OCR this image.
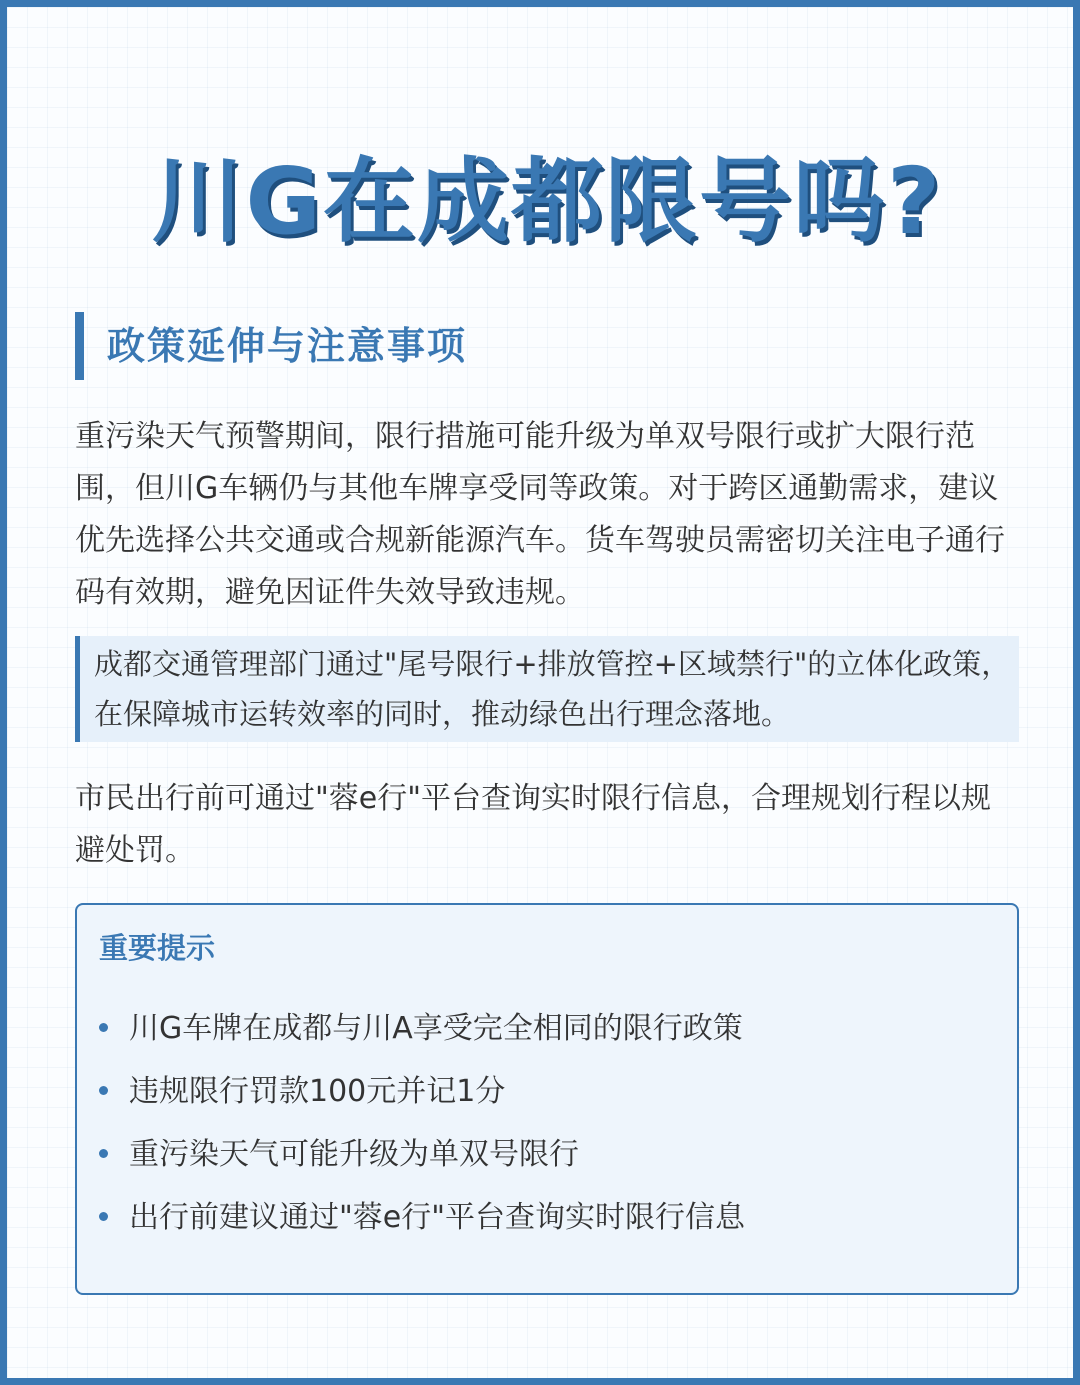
川G在成都限号吗?
政策延伸与注意事项

重污染天气预警期间，限行措施可能升级为单双号限行或扩大限行范围，但川G车辆仍与其他车牌享受同等政策。对于跨区通勤需求，建议优先选择公共交通或合规新能源汽车。货车驾驶员需密切关注电子通行码有效期，避免因证件失效导致违规。

成都交通管理部门通过"尾号限行+排放管控+区域禁行"的立体化政策，在保障城市运转效率的同时，推动绿色出行理念落地。

市民出行前可通过"蓉e行"平台查询实时限行信息，合理规划行程以规避处罚。

重要提示
川G车牌在成都与川A享受完全相同的限行政策
违规限行罚款100元并记1分
重污染天气可能升级为单双号限行
出行前建议通过"蓉e行"平台查询实时限行信息
